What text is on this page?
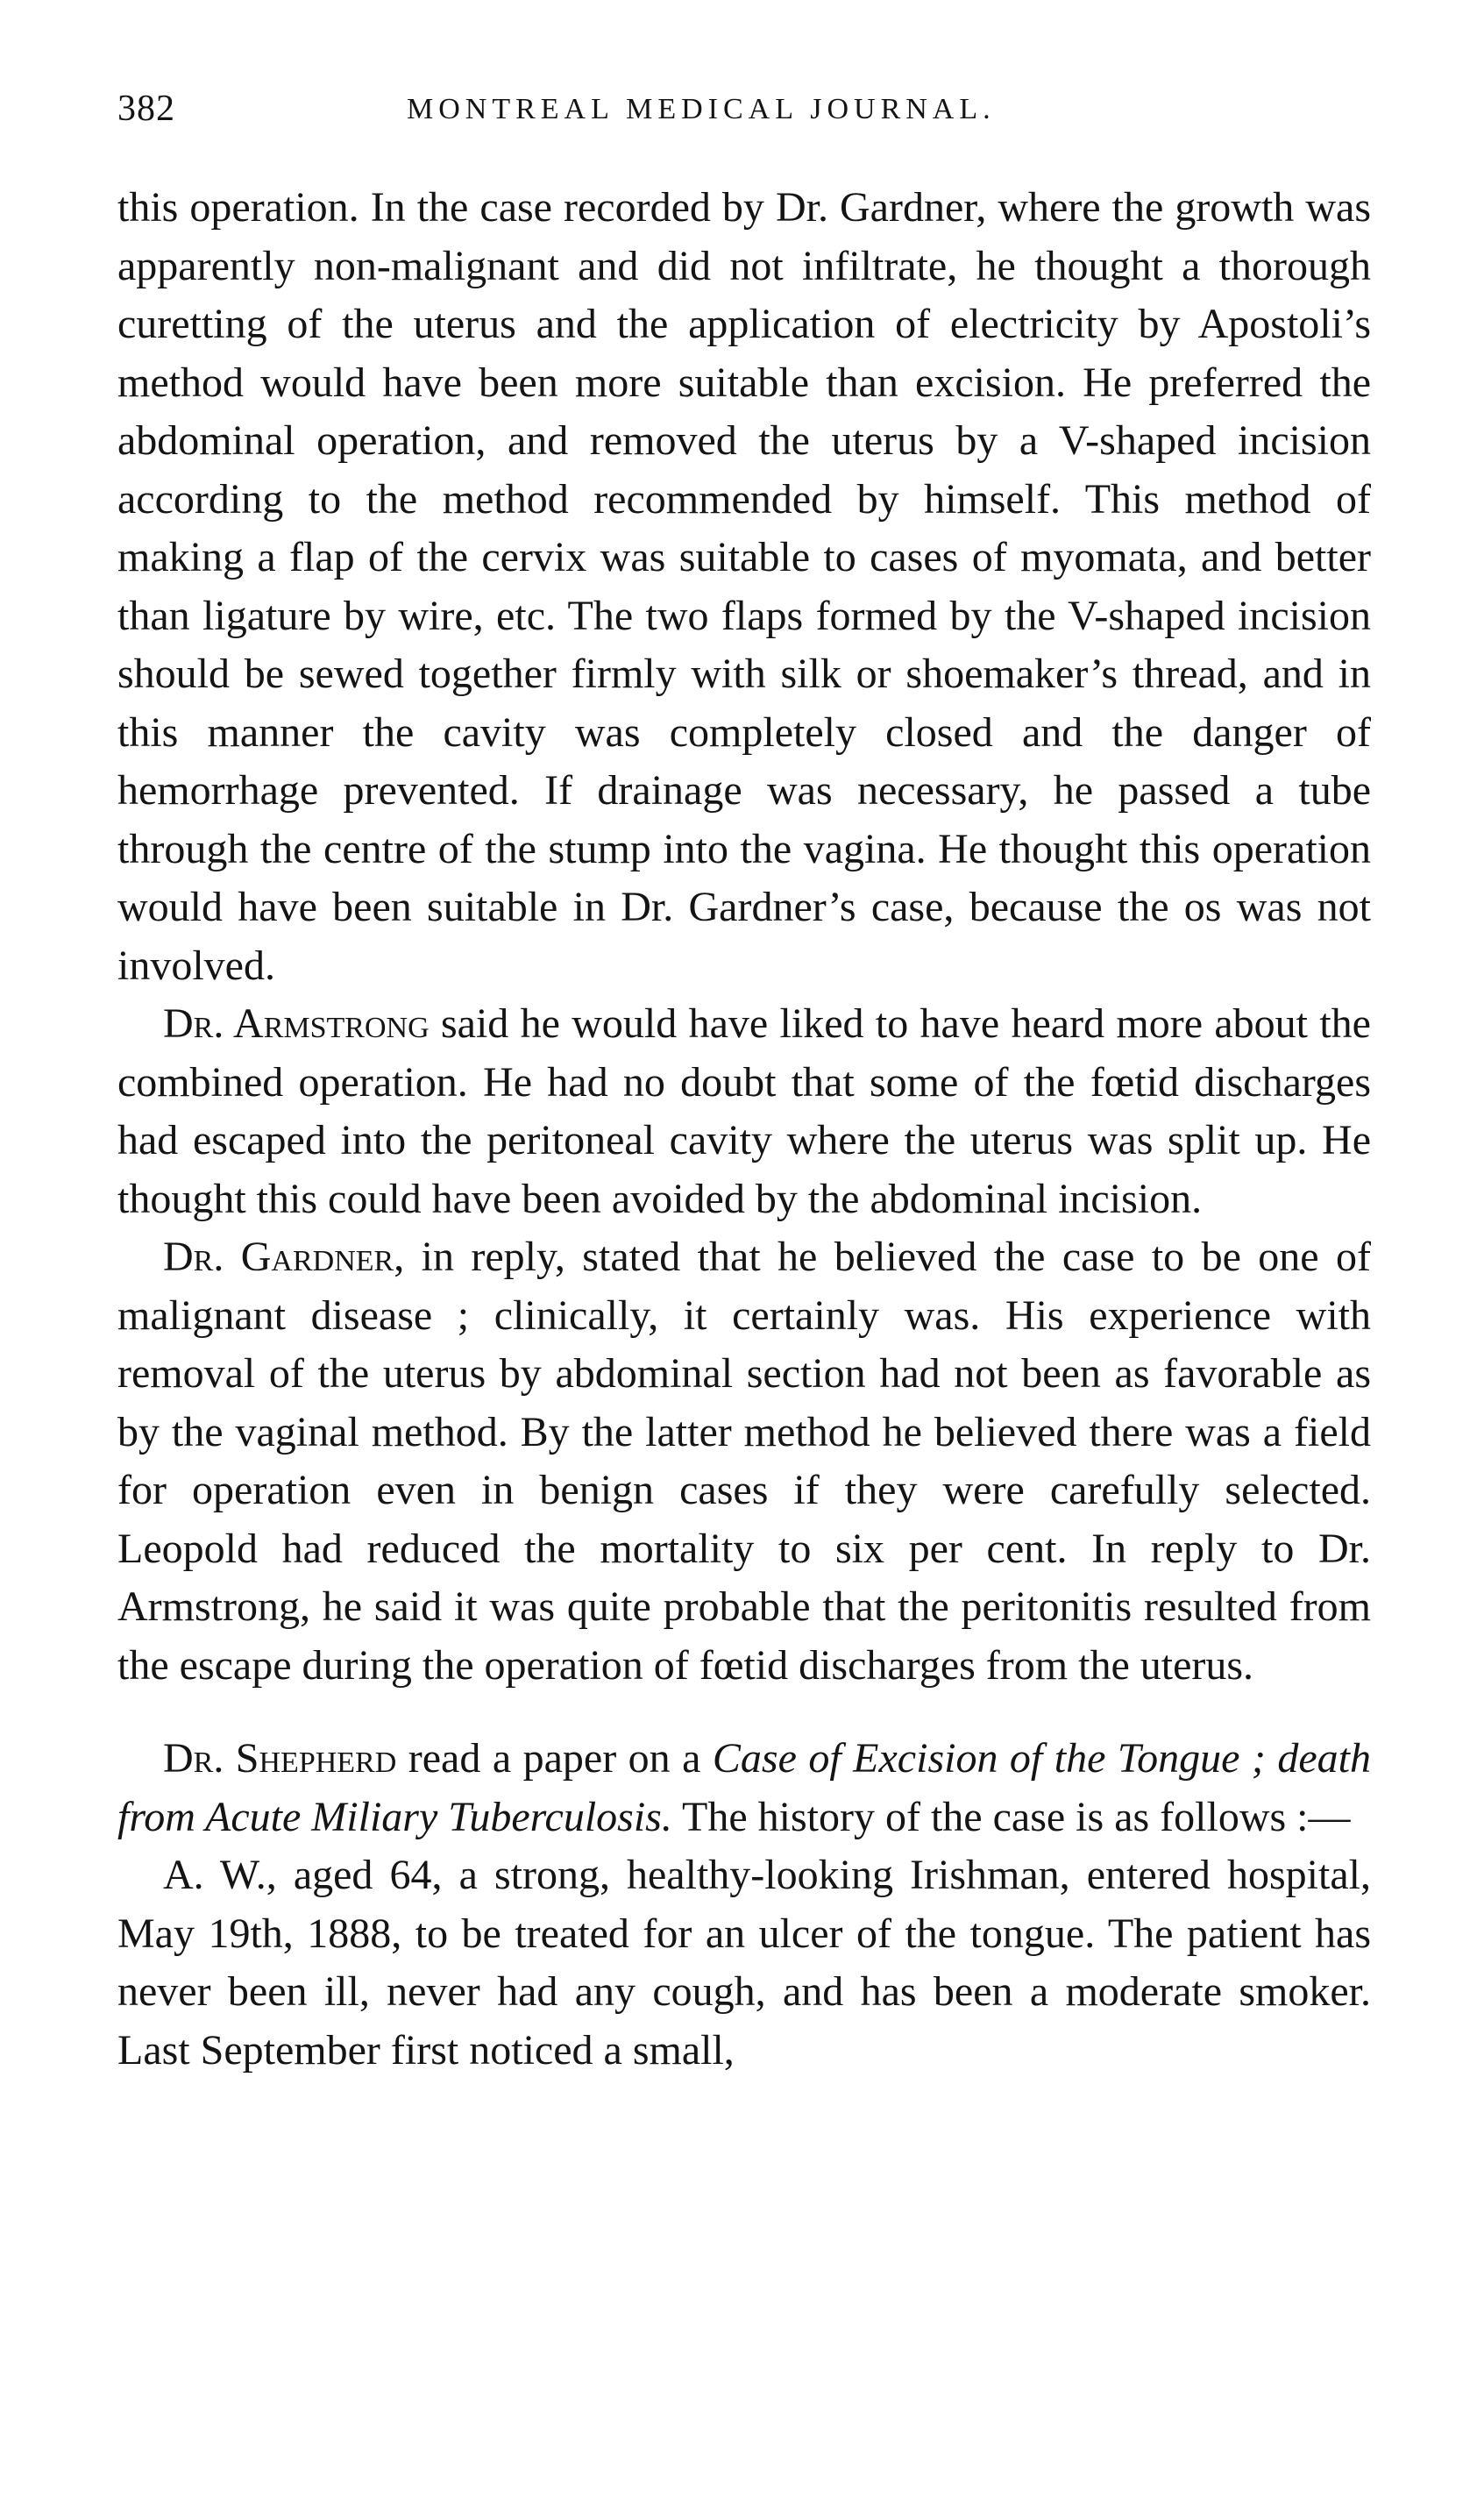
382	MONTREAL MEDICAL JOURNAL.

this operation. In the case recorded by Dr. Gardner, where the growth was apparently non-malignant and did not infiltrate, he thought a thorough curetting of the uterus and the application of electricity by Apostoli’s method would have been more suitable than excision. He preferred the abdominal operation, and removed the uterus by a V-shaped incision according to the method recommended by himself. This method of making a flap of the cervix was suitable to cases of myomata, and better than ligature by wire, etc. The two flaps formed by the V-shaped incision should be sewed together firmly with silk or shoemaker’s thread, and in this manner the cavity was completely closed and the danger of hemorrhage prevented. If drainage was necessary, he passed a tube through the centre of the stump into the vagina. He thought this operation would have been suitable in Dr. Gardner’s case, because the os was not involved.

Dr. Armstrong said he would have liked to have heard more about the combined operation. He had no doubt that some of the fœtid discharges had escaped into the peritoneal cavity where the uterus was split up. He thought this could have been avoided by the abdominal incision.

Dr. Gardner, in reply, stated that he believed the case to be one of malignant disease ; clinically, it certainly was. His experience with removal of the uterus by abdominal section had not been as favorable as by the vaginal method. By the latter method he believed there was a field for operation even in benign cases if they were carefully selected. Leopold had reduced the mortality to six per cent. In reply to Dr. Armstrong, he said it was quite probable that the peritonitis resulted from the escape during the operation of fœtid discharges from the uterus.

Dr. Shepherd read a paper on a Case of Excision of the Tongue ; death from Acute Miliary Tuberculosis. The history of the case is as follows :—

A. W., aged 64, a strong, healthy-looking Irishman, entered hospital, May 19th, 1888, to be treated for an ulcer of the tongue. The patient has never been ill, never had any cough, and has been a moderate smoker. Last September first noticed a small,
